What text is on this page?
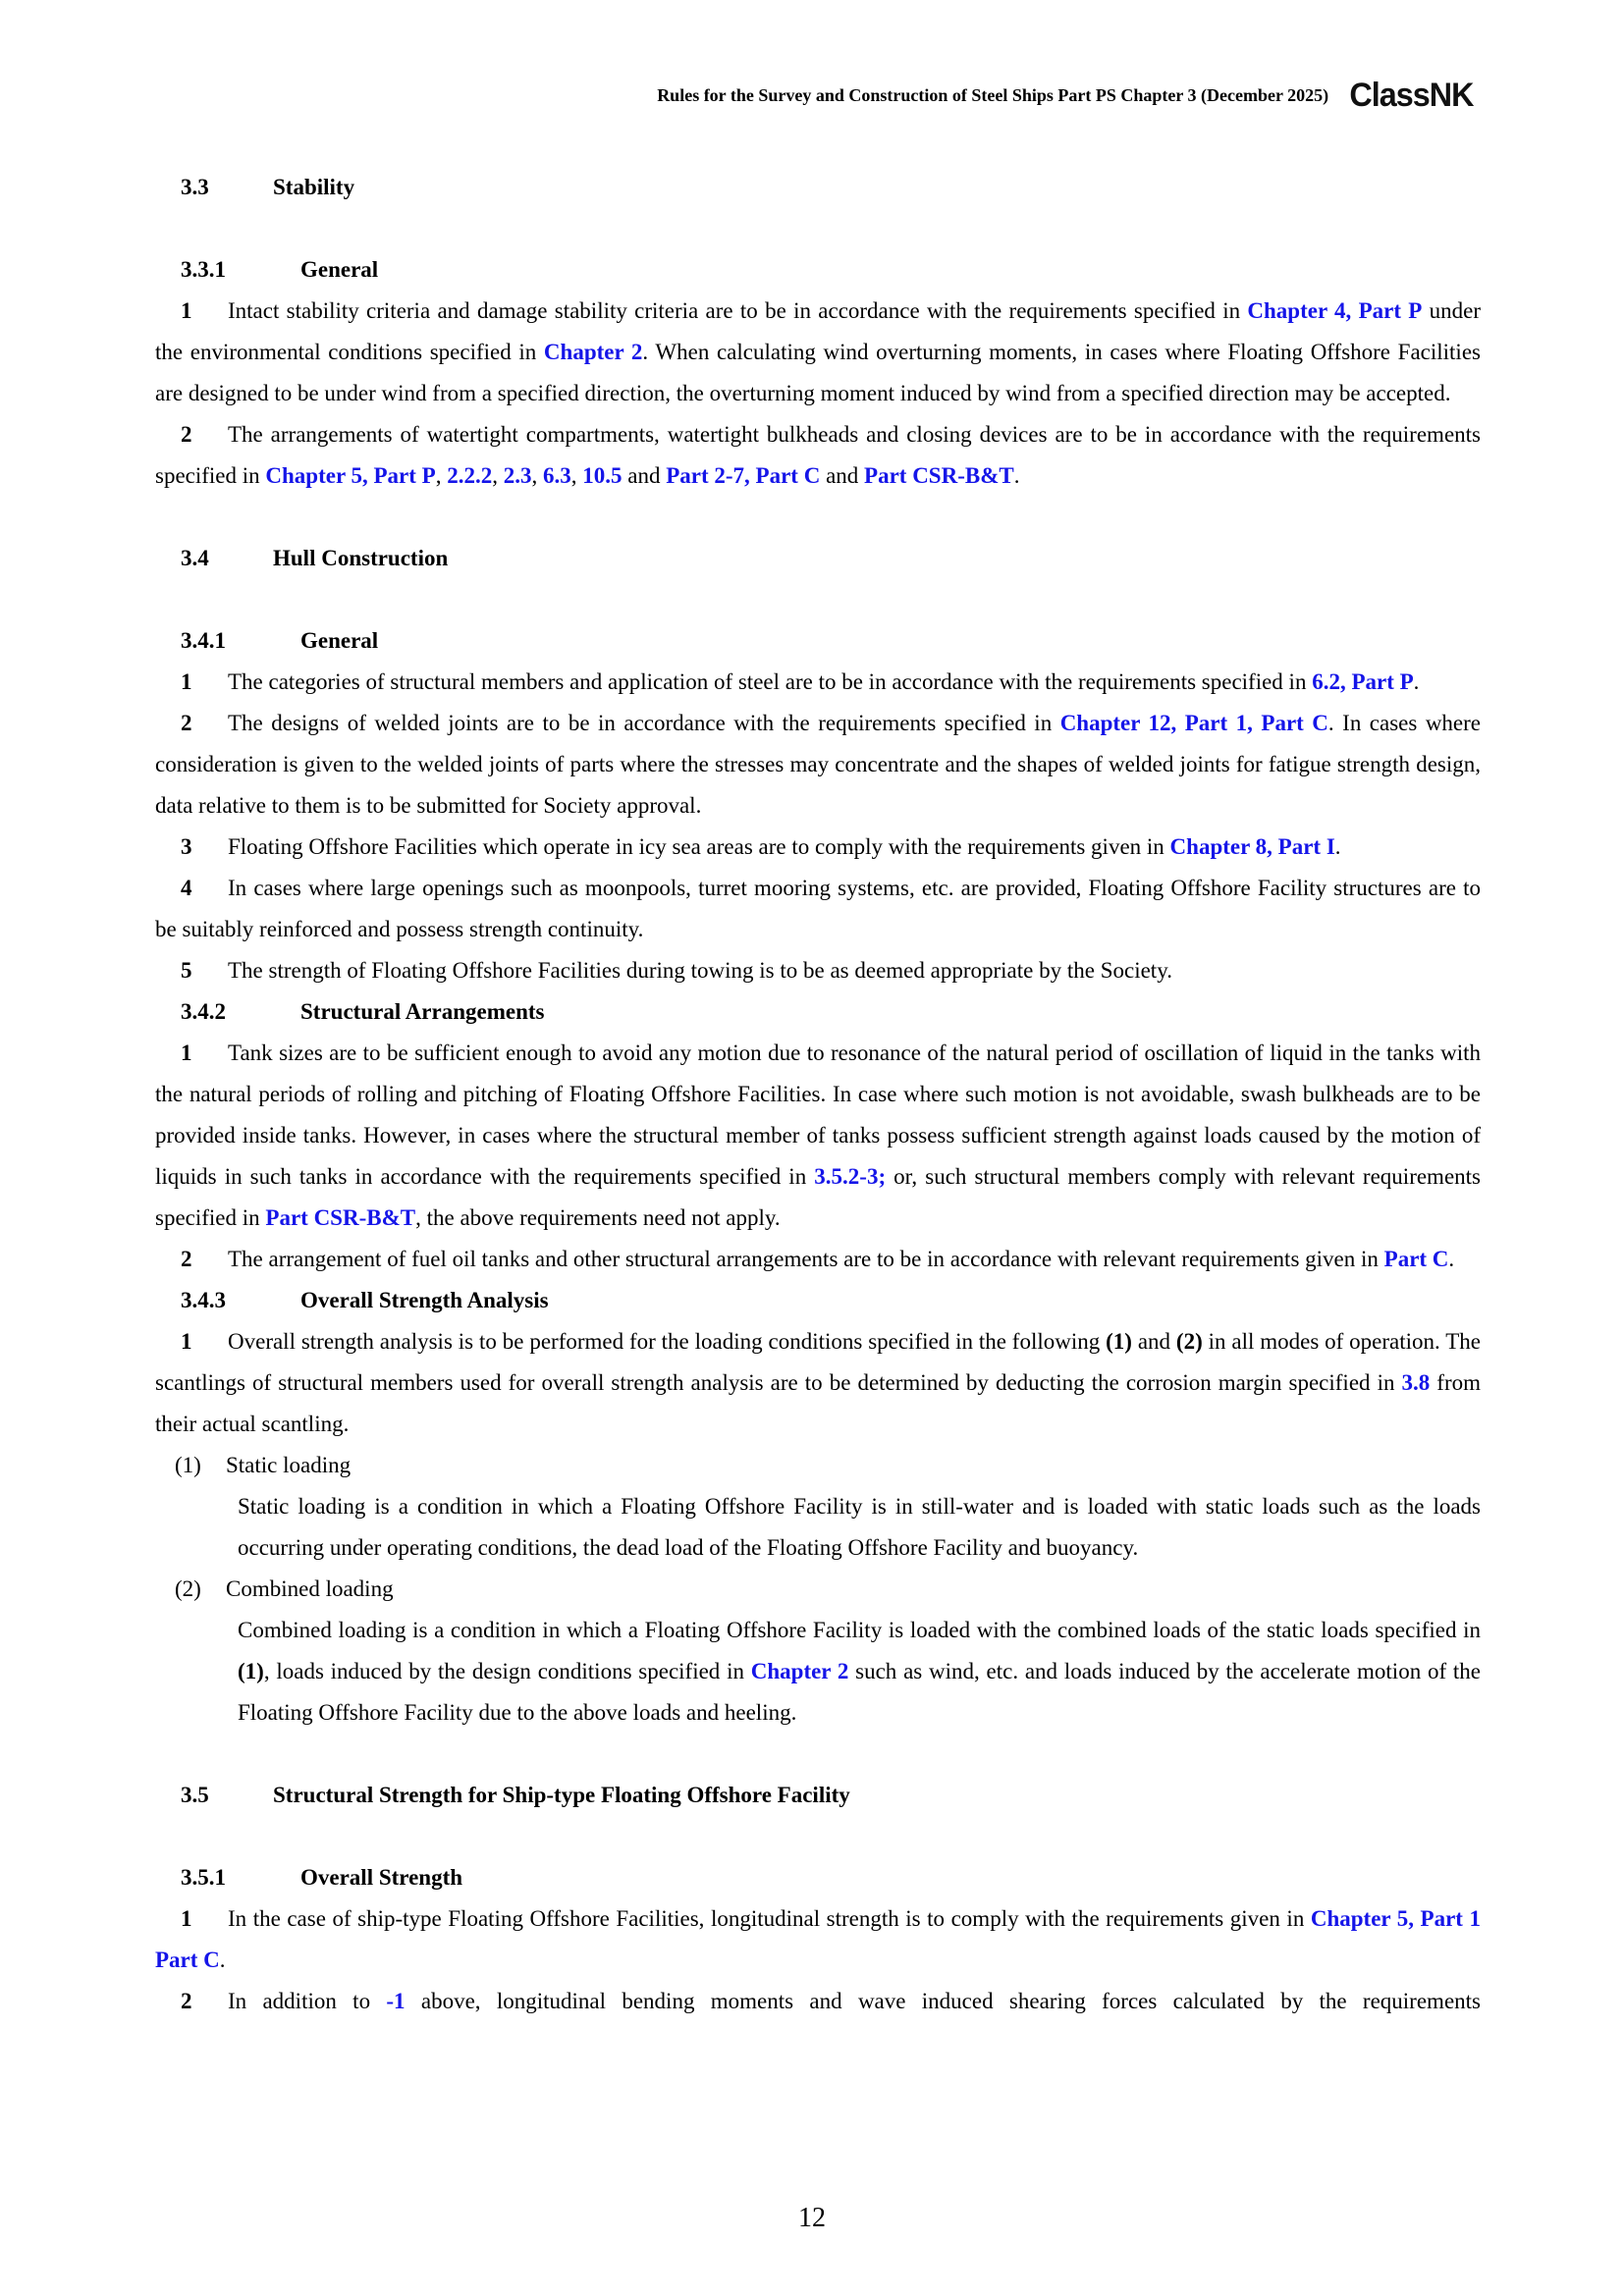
Rules for the Survey and Construction of Steel Ships Part PS Chapter 3 (December 2025) ClassNK
3.3	Stability
3.3.1	General
1 Intact stability criteria and damage stability criteria are to be in accordance with the requirements specified in Chapter 4, Part P under the environmental conditions specified in Chapter 2. When calculating wind overturning moments, in cases where Floating Offshore Facilities are designed to be under wind from a specified direction, the overturning moment induced by wind from a specified direction may be accepted.
2 The arrangements of watertight compartments, watertight bulkheads and closing devices are to be in accordance with the requirements specified in Chapter 5, Part P, 2.2.2, 2.3, 6.3, 10.5 and Part 2-7, Part C and Part CSR-B&T.
3.4	Hull Construction
3.4.1	General
1 The categories of structural members and application of steel are to be in accordance with the requirements specified in 6.2, Part P.
2 The designs of welded joints are to be in accordance with the requirements specified in Chapter 12, Part 1, Part C. In cases where consideration is given to the welded joints of parts where the stresses may concentrate and the shapes of welded joints for fatigue strength design, data relative to them is to be submitted for Society approval.
3 Floating Offshore Facilities which operate in icy sea areas are to comply with the requirements given in Chapter 8, Part I.
4 In cases where large openings such as moonpools, turret mooring systems, etc. are provided, Floating Offshore Facility structures are to be suitably reinforced and possess strength continuity.
5 The strength of Floating Offshore Facilities during towing is to be as deemed appropriate by the Society.
3.4.2	Structural Arrangements
1 Tank sizes are to be sufficient enough to avoid any motion due to resonance of the natural period of oscillation of liquid in the tanks with the natural periods of rolling and pitching of Floating Offshore Facilities. In case where such motion is not avoidable, swash bulkheads are to be provided inside tanks. However, in cases where the structural member of tanks possess sufficient strength against loads caused by the motion of liquids in such tanks in accordance with the requirements specified in 3.5.2-3; or, such structural members comply with relevant requirements specified in Part CSR-B&T, the above requirements need not apply.
2 The arrangement of fuel oil tanks and other structural arrangements are to be in accordance with relevant requirements given in Part C.
3.4.3	Overall Strength Analysis
1 Overall strength analysis is to be performed for the loading conditions specified in the following (1) and (2) in all modes of operation. The scantlings of structural members used for overall strength analysis are to be determined by deducting the corrosion margin specified in 3.8 from their actual scantling.
(1)	Static loading
Static loading is a condition in which a Floating Offshore Facility is in still-water and is loaded with static loads such as the loads occurring under operating conditions, the dead load of the Floating Offshore Facility and buoyancy.
(2)	Combined loading
Combined loading is a condition in which a Floating Offshore Facility is loaded with the combined loads of the static loads specified in (1), loads induced by the design conditions specified in Chapter 2 such as wind, etc. and loads induced by the accelerate motion of the Floating Offshore Facility due to the above loads and heeling.
3.5	Structural Strength for Ship-type Floating Offshore Facility
3.5.1	Overall Strength
1 In the case of ship-type Floating Offshore Facilities, longitudinal strength is to comply with the requirements given in Chapter 5, Part 1 Part C.
2 In addition to -1 above, longitudinal bending moments and wave induced shearing forces calculated by the requirements
12
